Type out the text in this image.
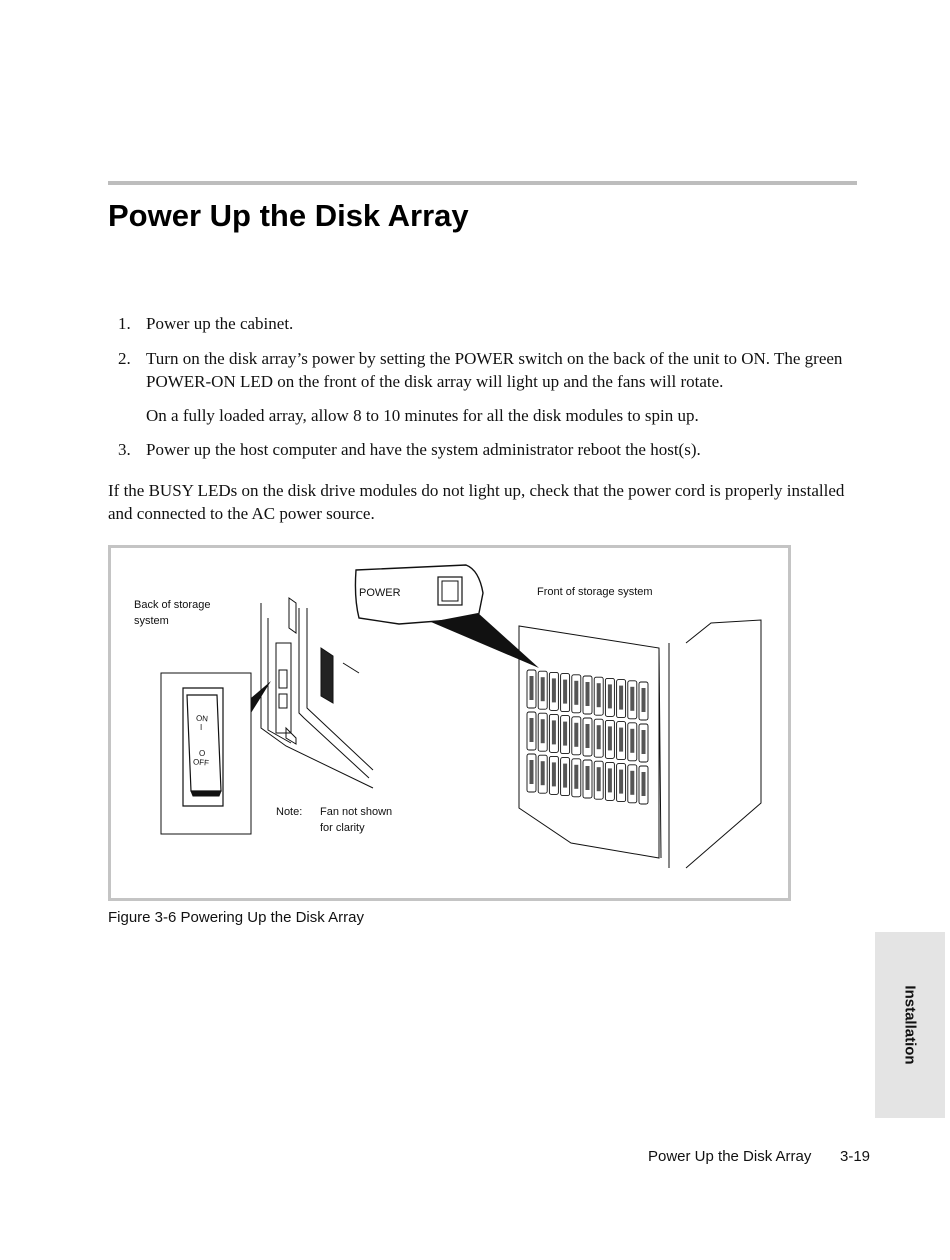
Power Up the Disk Array
1. Power up the cabinet.
2. Turn on the disk array’s power by setting the POWER switch on the back of the unit to ON. The green POWER-ON LED on the front of the disk array will light up and the fans will rotate.
On a fully loaded array, allow 8 to 10 minutes for all the disk modules to spin up.
3. Power up the host computer and have the system administrator reboot the host(s).

If the BUSY LEDs on the disk drive modules do not light up, check that the power cord is properly installed and connected to the AC power source.

Back of storage
system
POWER	Front of storage system
Note: Fan not shown
for clarity
ON
I
O
OFF
Figure 3-6 Powering Up the Disk Array
Installation
Power Up the Disk Array 3-19
